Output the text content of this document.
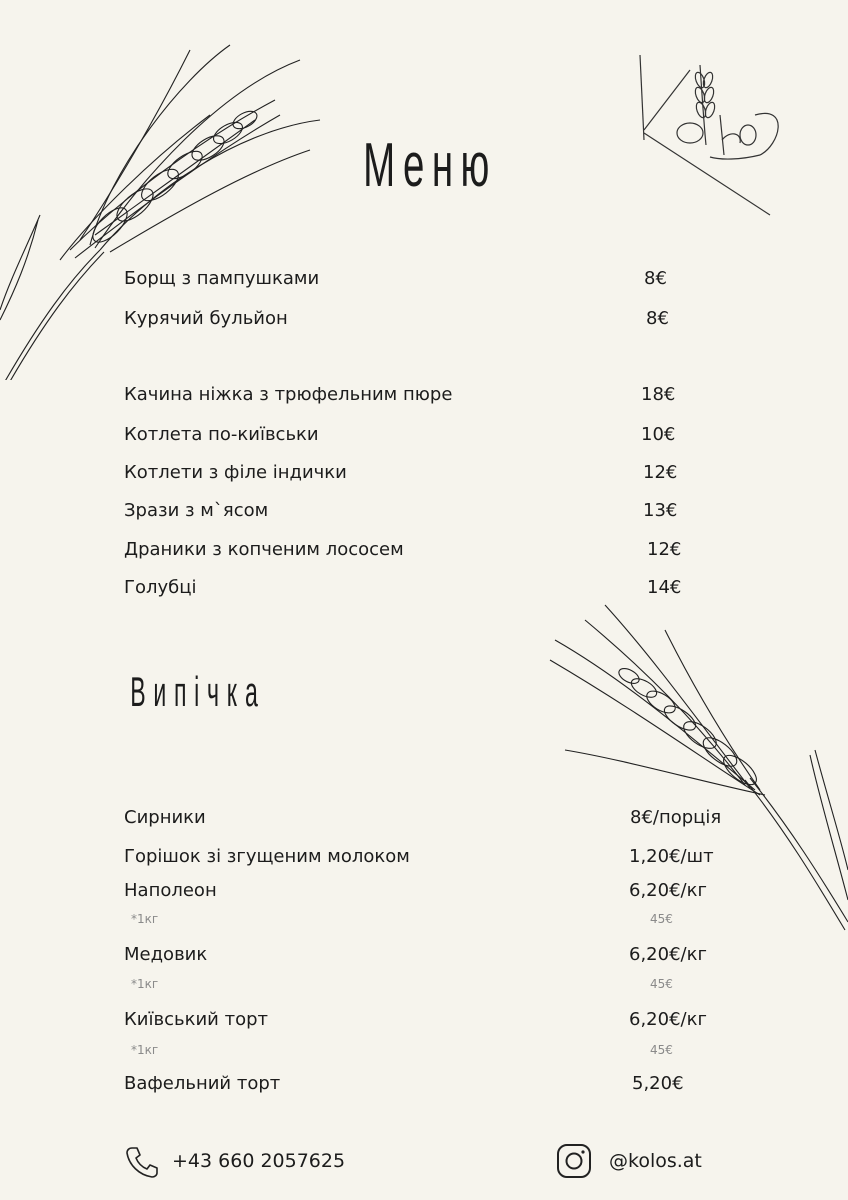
Меню
Борщ з пампушками	8€
Курячий бульйон	8€
Качина ніжка з трюфельним пюре	18€
Котлета по-київськи	10€
Котлети з філе індички	12€
Зрази з м`ясом	13€
Драники з копченим лососем	12€
Голубці	14€
Випічка
Сирники	8€/порція
Горішок зі згущеним молоком	1,20€/шт
Наполеон	6,20€/кг
*1кг	45€
Медовик	6,20€/кг
*1кг	45€
Київський торт	6,20€/кг
*1кг	45€
Вафельний торт	5,20€
+43 660 2057625	@kolos.at
